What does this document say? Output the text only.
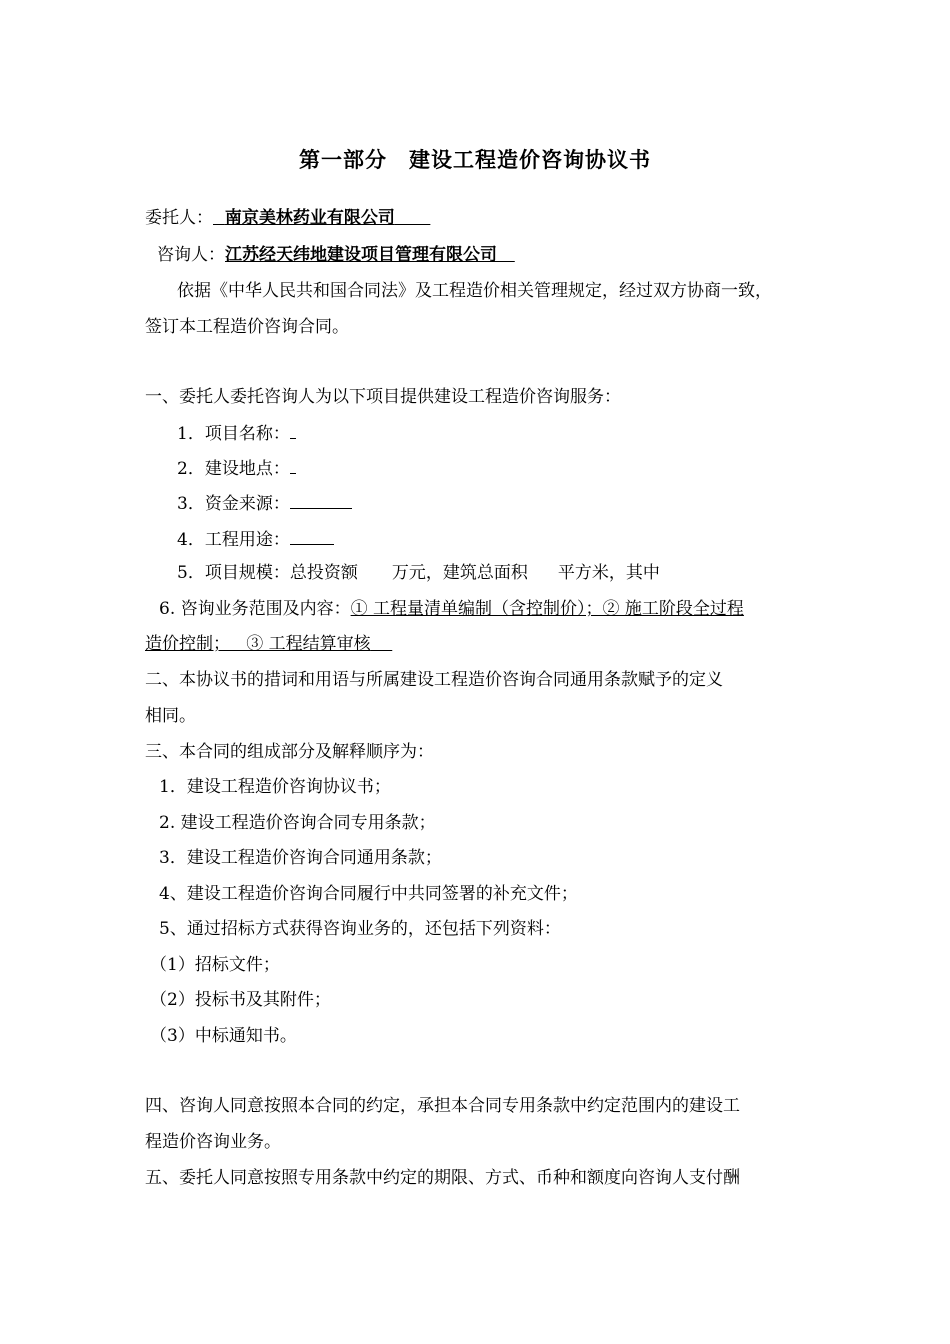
第一部分 建设工程造价咨询协议书
委托人： 南京美林药业有限公司
咨询人：江苏经天纬地建设项目管理有限公司
依据《中华人民共和国合同法》及工程造价相关管理规定，经过双方协商一致，
签订本工程造价咨询合同。
一、委托人委托咨询人为以下项目提供建设工程造价咨询服务：
1．项目名称：
2．建设地点：
3．资金来源：
4．工程用途：
5．项目规模：总投资额 万元，建筑总面积 平方米，其中
6. 咨询业务范围及内容：① 工程量清单编制（含控制价）；② 施工阶段全过程
造价控制；   ③ 工程结算审核
二、本协议书的措词和用语与所属建设工程造价咨询合同通用条款赋予的定义
相同。
三、本合同的组成部分及解释顺序为：
1．建设工程造价咨询协议书；
2. 建设工程造价咨询合同专用条款；
3．建设工程造价咨询合同通用条款；
4、建设工程造价咨询合同履行中共同签署的补充文件；
5、通过招标方式获得咨询业务的，还包括下列资料：
（1）招标文件；
（2）投标书及其附件；
（3）中标通知书。
四、咨询人同意按照本合同的约定，承担本合同专用条款中约定范围内的建设工
程造价咨询业务。
五、委托人同意按照专用条款中约定的期限、方式、币种和额度向咨询人支付酬
